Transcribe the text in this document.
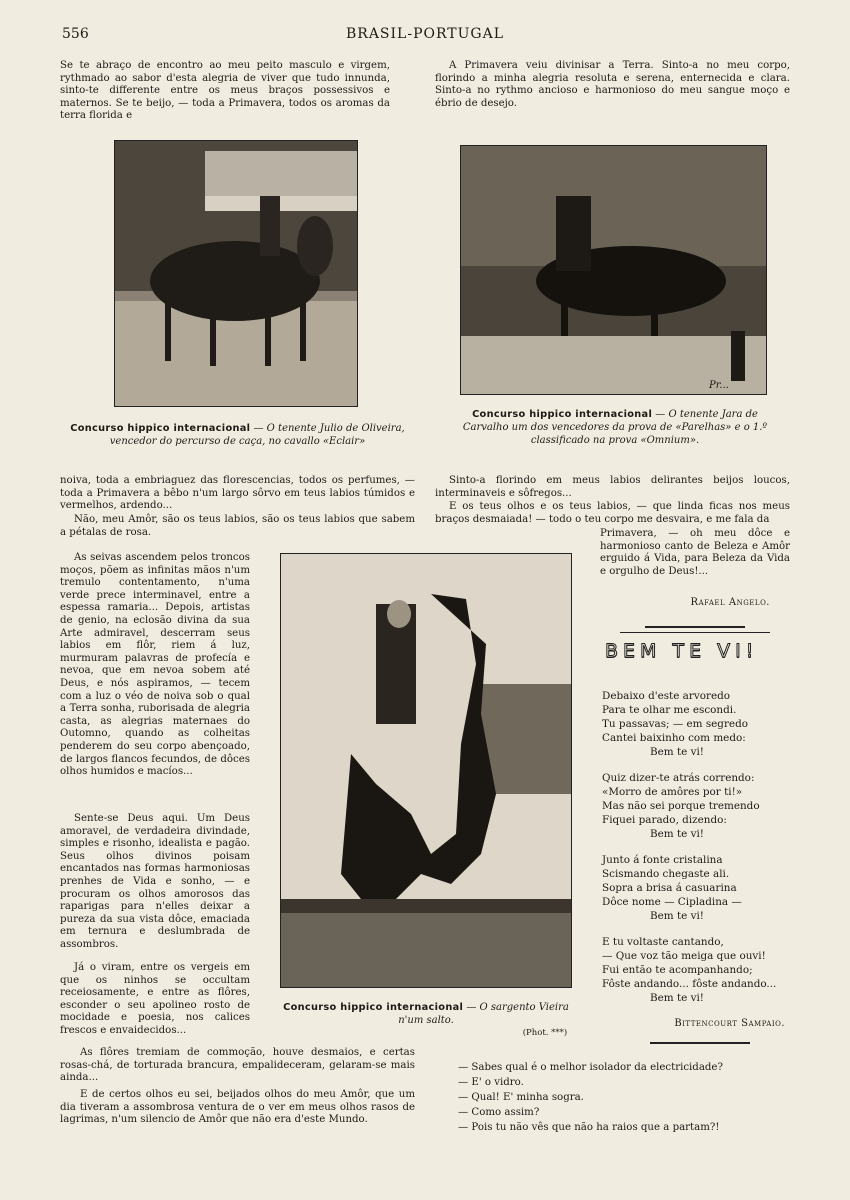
556	BRASIL-PORTUGAL
Se te abraço de encontro ao meu peito masculo e virgem, rythmado ao sabor d'esta alegria de viver que tudo innunda, sinto-te differente entre os meus braços possessivos e maternos. Se te beijo, — toda a Primavera, todos os aromas da terra florida e
A Primavera veiu divinisar a Terra. Sinto-a no meu corpo, florindo a minha alegria resoluta e serena, enternecida e clara. Sinto-a no rythmo ancioso e harmonioso do meu sangue moço e ébrio de desejo.
Concurso hippico internacional — O tenente Julio de Oliveira, vencedor do percurso de caça, no cavallo «Eclair»
Pr...
Concurso hippico internacional — O tenente Jara de Carvalho um dos vencedores da prova de «Parelhas» e o 1.º classificado na prova «Omnium».
noiva, toda a embriaguez das florescencias, todos os perfumes, — toda a Primavera a bêbo n'um largo sôrvo em teus labios túmidos e vermelhos, ardendo...
Não, meu Amôr, são os teus labios, são os teus labios que sabem a pétalas de rosa.
Sinto-a florindo em meus labios delirantes beijos loucos, interminaveis e sôfregos...
E os teus olhos e os teus labios, — que linda ficas nos meus braços desmaiada! — todo o teu corpo me desvaira, e me fala da
Primavera, — oh meu dôce e harmonioso canto de Beleza e Amôr erguido á Vida, para Beleza da Vida e orgulho de Deus!...
Rafael Angelo.
As seivas ascendem pelos troncos moços, põem as infinitas mãos n'um tremulo contentamento, n'uma verde prece interminavel, entre a espessa ramaria... Depois, artistas de genio, na eclosão divina da sua Arte admiravel, descerram seus labios em flôr, riem á luz, murmuram palavras de profecía e nevoa, que em nevoa sobem até Deus, e nós aspiramos, — tecem com a luz o véo de noiva sob o qual a Terra sonha, ruborisada de alegria casta, as alegrias maternaes do Outomno, quando as colheitas penderem do seu corpo abençoado, de largos flancos fecundos, de dôces olhos humidos e macíos...
Sente-se Deus aqui. Um Deus amoravel, de verdadeira divindade, simples e risonho, idealista e pagão. Seus olhos divinos poisam encantados nas formas harmoniosas prenhes de Vida e sonho, — e procuram os olhos amorosos das raparigas para n'elles deixar a pureza da sua vista dôce, emaciada em ternura e deslumbrada de assombros.
Já o viram, entre os vergeis em que os ninhos se occultam receiosamente, e entre as flôres, esconder o seu apolineo rosto de mocidade e poesia, nos calices frescos e envaidecidos...
Concurso hippico internacional — O sargento Vieira n'um salto.
(Phot. ***)
As flôres tremiam de commoção, houve desmaios, e certas rosas-chá, de torturada brancura, empalideceram, gelaram-se mais ainda...
E de certos olhos eu sei, beijados olhos do meu Amôr, que um dia tiveram a assombrosa ventura de o ver em meus olhos rasos de lagrimas, n'um silencio de Amôr que não era d'este Mundo.
BEM TE VI!
Debaixo d'este arvoredo
Para te olhar me escondi.
Tu passavas; — em segredo
Cantei baixinho com medo:
Bem te vi!
Quiz dizer-te atrás correndo:
«Morro de amôres por ti!»
Mas não sei porque tremendo
Fiquei parado, dizendo:
Bem te vi!
Junto á fonte cristalina
Scismando chegaste ali.
Sopra a brisa á casuarina
Dôce nome — Cipladina —
Bem te vi!
E tu voltaste cantando,
— Que voz tão meiga que ouvi!
Fui então te acompanhando;
Fôste andando... fôste andando...
Bem te vi!
Bittencourt Sampaio.
— Sabes qual é o melhor isolador da electricidade?
— E' o vidro.
— Qual! E' minha sogra.
— Como assim?
— Pois tu não vês que não ha raios que a partam?!
